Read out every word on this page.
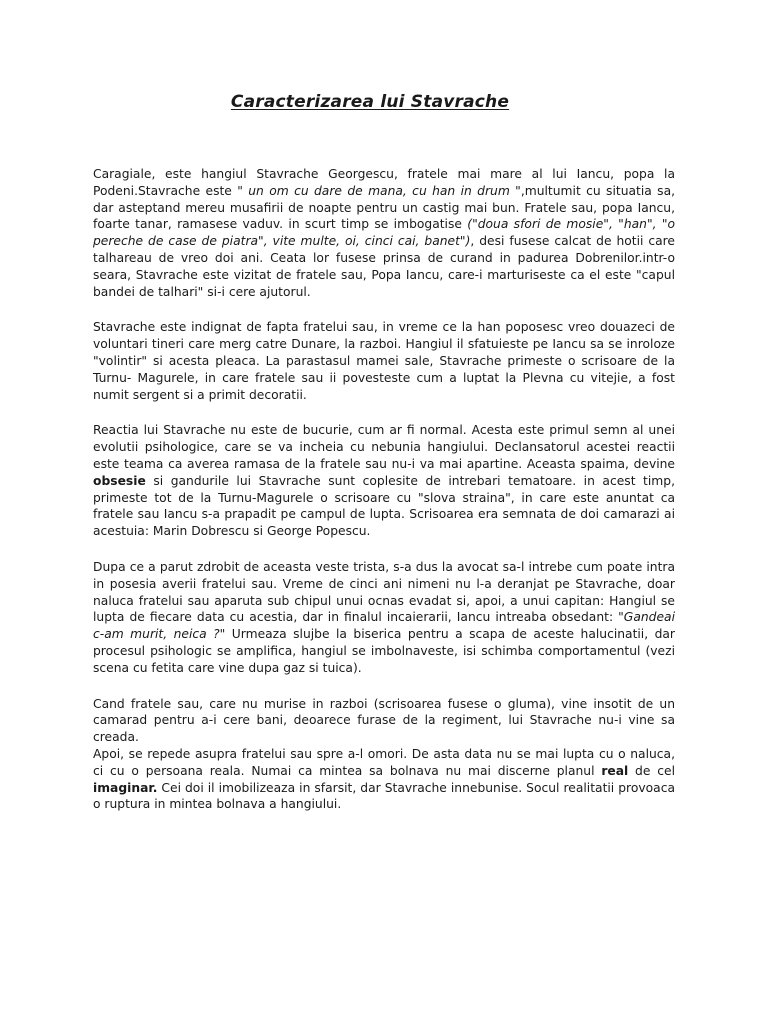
Caracterizarea lui Stavrache

Caragiale, este hangiul Stavrache Georgescu, fratele mai mare al lui Iancu, popa la Podeni.Stavrache este " un om cu dare de mana, cu han in drum ",multumit cu situatia sa, dar asteptand mereu musafirii de noapte pentru un castig mai bun. Fratele sau, popa Iancu, foarte tanar, ramasese vaduv. in scurt timp se imbogatise ("doua sfori de mosie", "han", "o pereche de case de piatra", vite multe, oi, cinci cai, banet"), desi fusese calcat de hotii care talhareau de vreo doi ani. Ceata lor fusese prinsa de curand in padurea Dobrenilor.intr-o seara, Stavrache este vizitat de fratele sau, Popa Iancu, care-i marturiseste ca el este "capul bandei de talhari" si-i cere ajutorul.

Stavrache este indignat de fapta fratelui sau, in vreme ce la han poposesc vreo douazeci de voluntari tineri care merg catre Dunare, la razboi. Hangiul il sfatuieste pe Iancu sa se inroloze "volintir" si acesta pleaca. La parastasul mamei sale, Stavrache primeste o scrisoare de la Turnu- Magurele, in care fratele sau ii povesteste cum a luptat la Plevna cu vitejie, a fost numit sergent si a primit decoratii.

Reactia lui Stavrache nu este de bucurie, cum ar fi normal. Acesta este primul semn al unei evolutii psihologice, care se va incheia cu nebunia hangiului. Declansatorul acestei reactii este teama ca averea ramasa de la fratele sau nu-i va mai apartine. Aceasta spaima, devine obsesie si gandurile lui Stavrache sunt coplesite de intrebari tematoare. in acest timp, primeste tot de la Turnu-Magurele o scrisoare cu "slova straina", in care este anuntat ca fratele sau Iancu s-a prapadit pe campul de lupta. Scrisoarea era semnata de doi camarazi ai acestuia: Marin Dobrescu si George Popescu.

Dupa ce a parut zdrobit de aceasta veste trista, s-a dus la avocat sa-l intrebe cum poate intra in posesia averii fratelui sau. Vreme de cinci ani nimeni nu l-a deranjat pe Stavrache, doar naluca fratelui sau aparuta sub chipul unui ocnas evadat si, apoi, a unui capitan: Hangiul se lupta de fiecare data cu acestia, dar in finalul incaierarii, Iancu intreaba obsedant: "Gandeai c-am murit, neica ?" Urmeaza slujbe la biserica pentru a scapa de aceste halucinatii, dar procesul psihologic se amplifica, hangiul se imbolnaveste, isi schimba comportamentul (vezi scena cu fetita care vine dupa gaz si tuica).

Cand fratele sau, care nu murise in razboi (scrisoarea fusese o gluma), vine insotit de un camarad pentru a-i cere bani, deoarece furase de la regiment, lui Stavrache nu-i vine sa creada.

Apoi, se repede asupra fratelui sau spre a-l omori. De asta data nu se mai lupta cu o naluca, ci cu o persoana reala. Numai ca mintea sa bolnava nu mai discerne planul real de cel imaginar. Cei doi il imobilizeaza in sfarsit, dar Stavrache innebunise. Socul realitatii provoaca o ruptura in mintea bolnava a hangiului.
